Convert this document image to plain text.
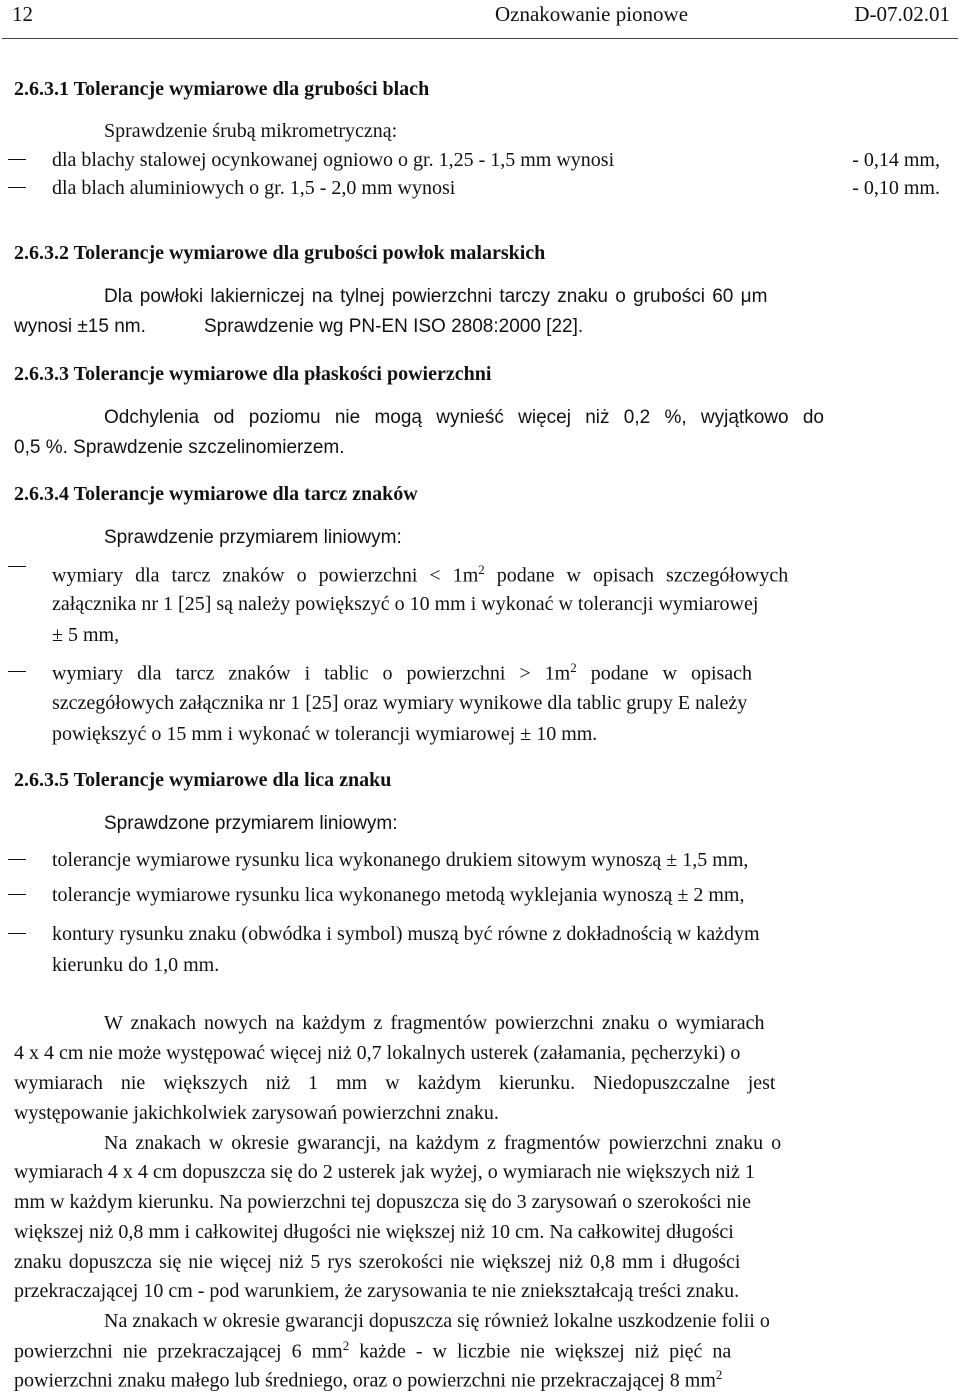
12	Oznakowanie pionowe	D-07.02.01
2.6.3.1 Tolerancje wymiarowe dla grubości blach
Sprawdzenie śrubą mikrometryczną:
dla blachy stalowej ocynkowanej ogniowo o gr. 1,25 - 1,5 mm wynosi	- 0,14 mm,
dla blach aluminiowych o gr. 1,5 - 2,0 mm wynosi	- 0,10 mm.
2.6.3.2 Tolerancje wymiarowe dla grubości powłok malarskich
Dla powłoki lakierniczej na tylnej powierzchni tarczy znaku o grubości 60 μm
wynosi ±15 nm.	Sprawdzenie wg PN-EN ISO 2808:2000 [22].
2.6.3.3 Tolerancje wymiarowe dla płaskości powierzchni
Odchylenia od poziomu nie mogą wynieść więcej niż 0,2 %, wyjątkowo do
0,5 %. Sprawdzenie szczelinomierzem.
2.6.3.4 Tolerancje wymiarowe dla tarcz znaków
Sprawdzenie przymiarem liniowym:
wymiary dla tarcz znaków o powierzchni < $1m^2$ podane w opisach szczegółowych
załącznika nr 1 [25] są należy powiększyć o 10 mm i wykonać w tolerancji wymiarowej
± 5 mm,
wymiary dla tarcz znaków i tablic o powierzchni > $1m^2$ podane w opisach
szczegółowych załącznika nr 1 [25] oraz wymiary wynikowe dla tablic grupy E należy
powiększyć o 15 mm i wykonać w tolerancji wymiarowej ± 10 mm.
2.6.3.5 Tolerancje wymiarowe dla lica znaku
Sprawdzone przymiarem liniowym:
tolerancje wymiarowe rysunku lica wykonanego drukiem sitowym wynoszą ± 1,5 mm,
tolerancje wymiarowe rysunku lica wykonanego metodą wyklejania wynoszą ± 2 mm,
kontury rysunku znaku (obwódka i symbol) muszą być równe z dokładnością w każdym
kierunku do 1,0 mm.
W znakach nowych na każdym z fragmentów powierzchni znaku o wymiarach
4 x 4 cm nie może występować więcej niż 0,7 lokalnych usterek (załamania, pęcherzyki) o
wymiarach nie większych niż 1 mm w każdym kierunku. Niedopuszczalne jest
występowanie jakichkolwiek zarysowań powierzchni znaku.
Na znakach w okresie gwarancji, na każdym z fragmentów powierzchni znaku o
wymiarach 4 x 4 cm dopuszcza się do 2 usterek jak wyżej, o wymiarach nie większych niż 1
mm w każdym kierunku. Na powierzchni tej dopuszcza się do 3 zarysowań o szerokości nie
większej niż 0,8 mm i całkowitej długości nie większej niż 10 cm. Na całkowitej długości
znaku dopuszcza się nie więcej niż 5 rys szerokości nie większej niż 0,8 mm i długości
przekraczającej 10 cm - pod warunkiem, że zarysowania te nie zniekształcają treści znaku.
Na znakach w okresie gwarancji dopuszcza się również lokalne uszkodzenie folii o
powierzchni nie przekraczającej 6 $mm^2$ każde - w liczbie nie większej niż pięć na
powierzchni znaku małego lub średniego, oraz o powierzchni nie przekraczającej 8 $mm^2$
